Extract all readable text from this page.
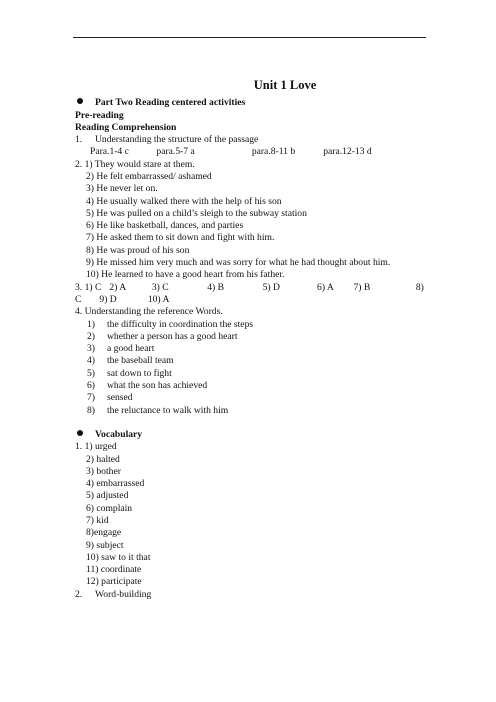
Unit 1 Love
Part Two Reading centered activities
Pre-reading
Reading Comprehension
1. Understanding the structure of the passage
Para.1-4 c	para.5-7 a	para.8-11 b	para.12-13 d
2. 1) They would stare at them.
2) He felt embarrassed/ ashamed
3) He never let on.
4) He usually walked there with the help of his son
5) He was pulled on a child’s sleigh to the subway station
6) He like basketball, dances, and parties
7) He asked them to sit down and fight with him.
8) He was proud of his son
9) He missed him very much and was sorry for what he had thought about him.
10) He learned to have a good heart from his father.
3. 1) C 2) A	3) C	4) B	5) D	6) A 7) B	8)
C 9) D	10) A
4. Understanding the reference Words.
1) the difficulty in coordination the steps
2) whether a person has a good heart
3) a good heart
4) the baseball team
5) sat down to fight
6) what the son has achieved
7) sensed
8) the reluctance to walk with him
Vocabulary
1. 1) urged
2) halted
3) bother
4) embarrassed
5) adjusted
6) complain
7) kid
8)engage
9) subject
10) saw to it that
11) coordinate
12) participate
2. Word-building
